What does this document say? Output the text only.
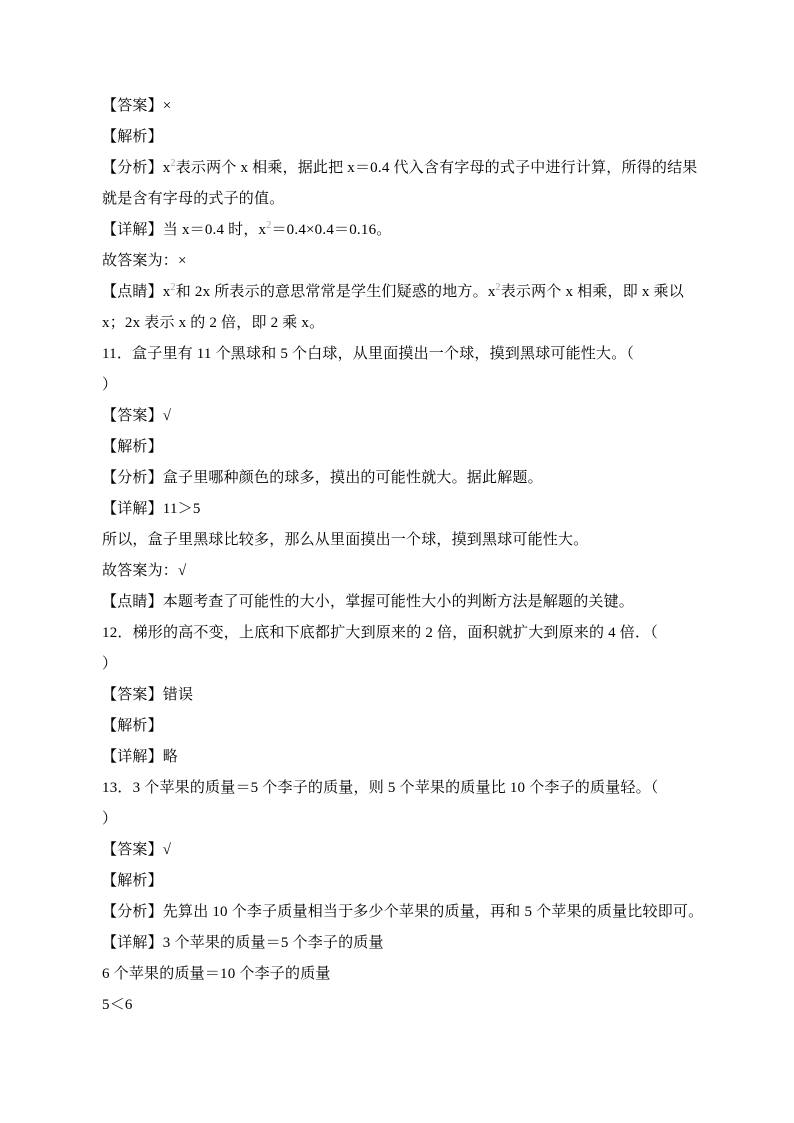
【答案】×

【解析】

【分析】$x^2$表示两个 x 相乘，据此把 x＝0.4 代入含有字母的式子中进行计算，所得的结果

就是含有字母的式子的值。

【详解】当 x＝0.4 时，$x^2=0.4\times 0.4=0.16$。

故答案为：×

【点睛】$x^2$和 2x 所表示的意思常常是学生们疑惑的地方。$x^2$表示两个 x 相乘，即 x 乘以

x；2x 表示 x 的 2 倍，即 2 乘 x。

11．盒子里有 11 个黑球和 5 个白球，从里面摸出一个球，摸到黑球可能性大。（

）

【答案】√

【解析】

【分析】盒子里哪种颜色的球多，摸出的可能性就大。据此解题。

【详解】11＞5

所以，盒子里黑球比较多，那么从里面摸出一个球，摸到黑球可能性大。

故答案为：√

【点睛】本题考查了可能性的大小，掌握可能性大小的判断方法是解题的关键。

12．梯形的高不变，上底和下底都扩大到原来的 2 倍，面积就扩大到原来的 4 倍．（

）

【答案】错误

【解析】

【详解】略

13．3 个苹果的质量＝5 个李子的质量，则 5 个苹果的质量比 10 个李子的质量轻。（

）

【答案】√

【解析】

【分析】先算出 10 个李子质量相当于多少个苹果的质量，再和 5 个苹果的质量比较即可。

【详解】3 个苹果的质量＝5 个李子的质量

6 个苹果的质量＝10 个李子的质量

5＜6
